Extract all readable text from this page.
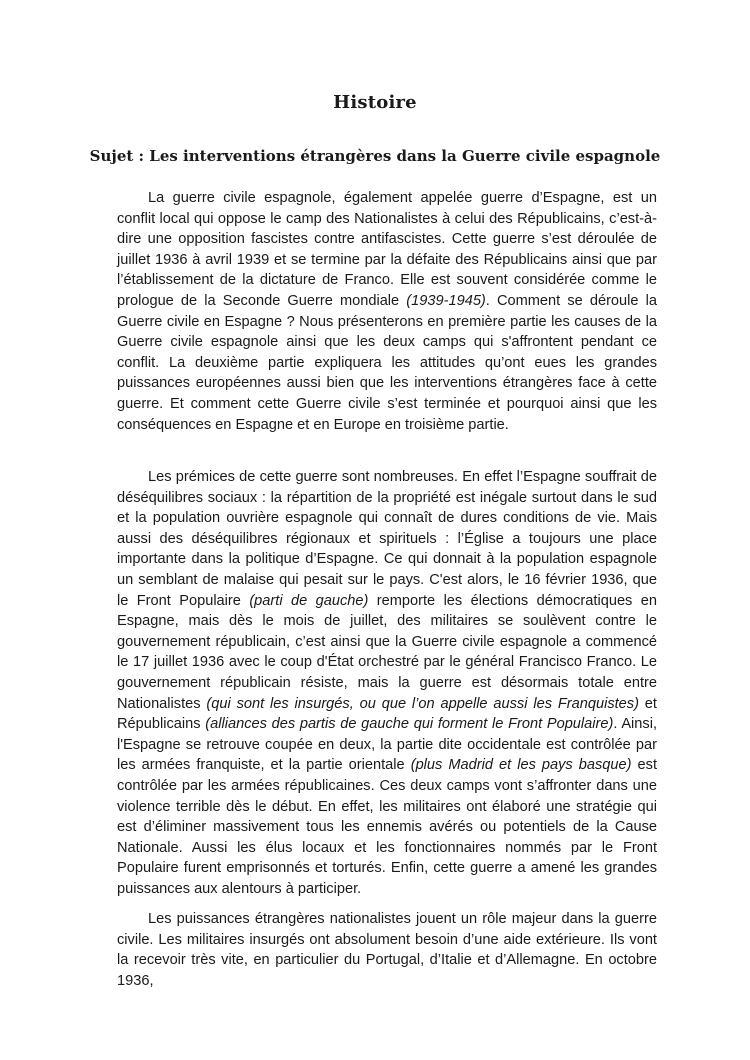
Histoire
Sujet : Les interventions étrangères dans la Guerre civile espagnole

La guerre civile espagnole, également appelée guerre d’Espagne, est un conflit local qui oppose le camp des Nationalistes à celui des Républicains, c’est-à-dire une opposition fascistes contre antifascistes. Cette guerre s’est déroulée de juillet 1936 à avril 1939 et se termine par la défaite des Républicains ainsi que par l’établissement de la dictature de Franco. Elle est souvent considérée comme le prologue de la Seconde Guerre mondiale (1939-1945). Comment se déroule la Guerre civile en Espagne ? Nous présenterons en première partie les causes de la Guerre civile espagnole ainsi que les deux camps qui s'affrontent pendant ce conflit. La deuxième partie expliquera les attitudes qu’ont eues les grandes puissances européennes aussi bien que les interventions étrangères face à cette guerre. Et comment cette Guerre civile s’est terminée et pourquoi ainsi que les conséquences en Espagne et en Europe en troisième partie.

Les prémices de cette guerre sont nombreuses. En effet l’Espagne souffrait de déséquilibres sociaux : la répartition de la propriété est inégale surtout dans le sud et la population ouvrière espagnole qui connaît de dures conditions de vie. Mais aussi des déséquilibres régionaux et spirituels : l’Église a toujours une place importante dans la politique d’Espagne. Ce qui donnait à la population espagnole un semblant de malaise qui pesait sur le pays. C'est alors, le 16 février 1936, que le Front Populaire (parti de gauche) remporte les élections démocratiques en Espagne, mais dès le mois de juillet, des militaires se soulèvent contre le gouvernement républicain, c’est ainsi que la Guerre civile espagnole a commencé le 17 juillet 1936 avec le coup d'État orchestré par le général Francisco Franco. Le gouvernement républicain résiste, mais la guerre est désormais totale entre Nationalistes (qui sont les insurgés, ou que l’on appelle aussi les Franquistes) et Républicains (alliances des partis de gauche qui forment le Front Populaire). Ainsi, l'Espagne se retrouve coupée en deux, la partie dite occidentale est contrôlée par les armées franquiste, et la partie orientale (plus Madrid et les pays basque) est contrôlée par les armées républicaines. Ces deux camps vont s’affronter dans une violence terrible dès le début. En effet, les militaires ont élaboré une stratégie qui est d’éliminer massivement tous les ennemis avérés ou potentiels de la Cause Nationale. Aussi les élus locaux et les fonctionnaires nommés par le Front Populaire furent emprisonnés et torturés. Enfin, cette guerre a amené les grandes puissances aux alentours à participer.

Les puissances étrangères nationalistes jouent un rôle majeur dans la guerre civile. Les militaires insurgés ont absolument besoin d’une aide extérieure. Ils vont la recevoir très vite, en particulier du Portugal, d’Italie et d’Allemagne. En octobre 1936,
